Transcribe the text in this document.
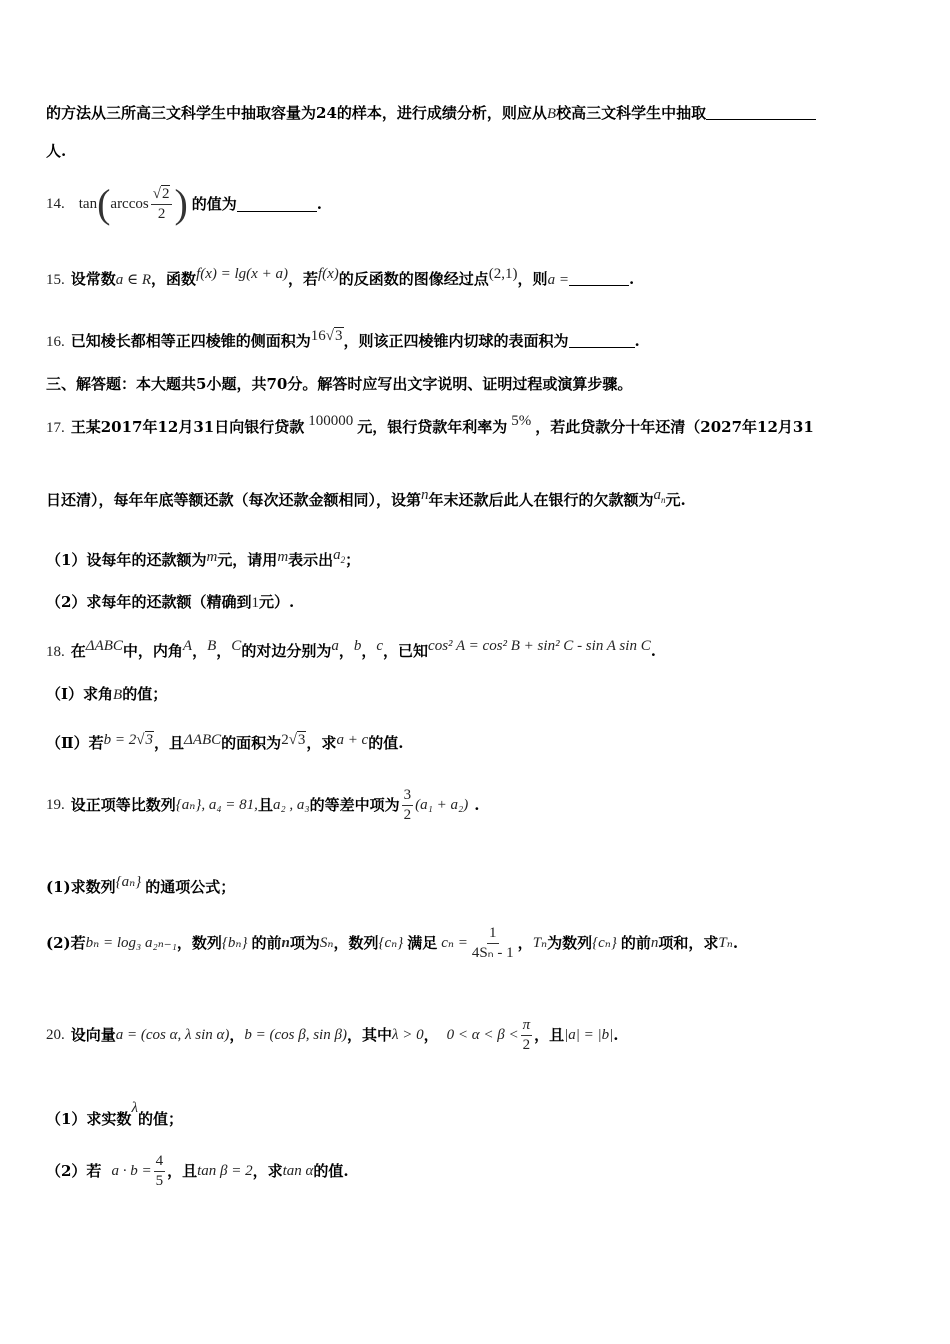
的方法从三所高三文科学生中抽取容量为24的样本，进行成绩分析，则应从B校高三文科学生中抽取
人.
14. tan ( $\arccos \frac{√2}{2}$ ) 的值为	.
15. 设常数a ∈ R，函数f(x) = lg(x + a)，若f(x)的反函数的图像经过点(2,1)，则a =	.
16. 已知棱长都相等正四棱锥的侧面积为16√3，则该正四棱锥内切球的表面积为	.
三、解答题：本大题共5小题，共70分。解答时应写出文字说明、证明过程或演算步骤。
17. 王某2017年12月31日向银行贷款 100000 元，银行贷款年利率为 5% ，若此贷款分十年还清（2027年12月31
日还清），每年年底等额还款（每次还款金额相同），设第n年末还款后此人在银行的欠款额为$a_n$元.
（1）设每年的还款额为m元，请用m表示出$a_2$；
（2）求每年的还款额（精确到1元）.
18. 在ΔABC中，内角A，B，C的对边分别为a，b，c，已知cos² A = cos² B + sin² C - sin A sin C.
（Ⅰ）求角B的值；
（Ⅱ）若b = 2√3，且ΔABC的面积为2√3，求a + c的值.
19. 设正项等比数列 {aₙ} , a₄ = 81, 且 a₂ , a₃ 的等差中项为 $\frac{3}{2} (a_1 + a_2)$ .
(1)求数列{aₙ} 的通项公式；
(2)若 bₙ = log₃ a₂ₙ₋₁ ，数列 {bₙ} 的前 n 项为 Sₙ ，数列 {cₙ} 满足 $c_n = \frac{1}{\text{4Sₙ - 1}}$ ， Tₙ 为数列 {cₙ} 的前 n 项和，求 Tₙ .
20. 设向量 a = (cos α, λ sin α) ， b = (cos β, sin β) ，其中 λ > 0 ， $0 < \alpha < \beta < \frac{\pi}{2}$ ，且 |a| = |b| .
（1）求实数λ的值；
（2）若 $a \cdot b = \frac{4}{5}$ ，且 tan β = 2 ，求 tan α 的值.
